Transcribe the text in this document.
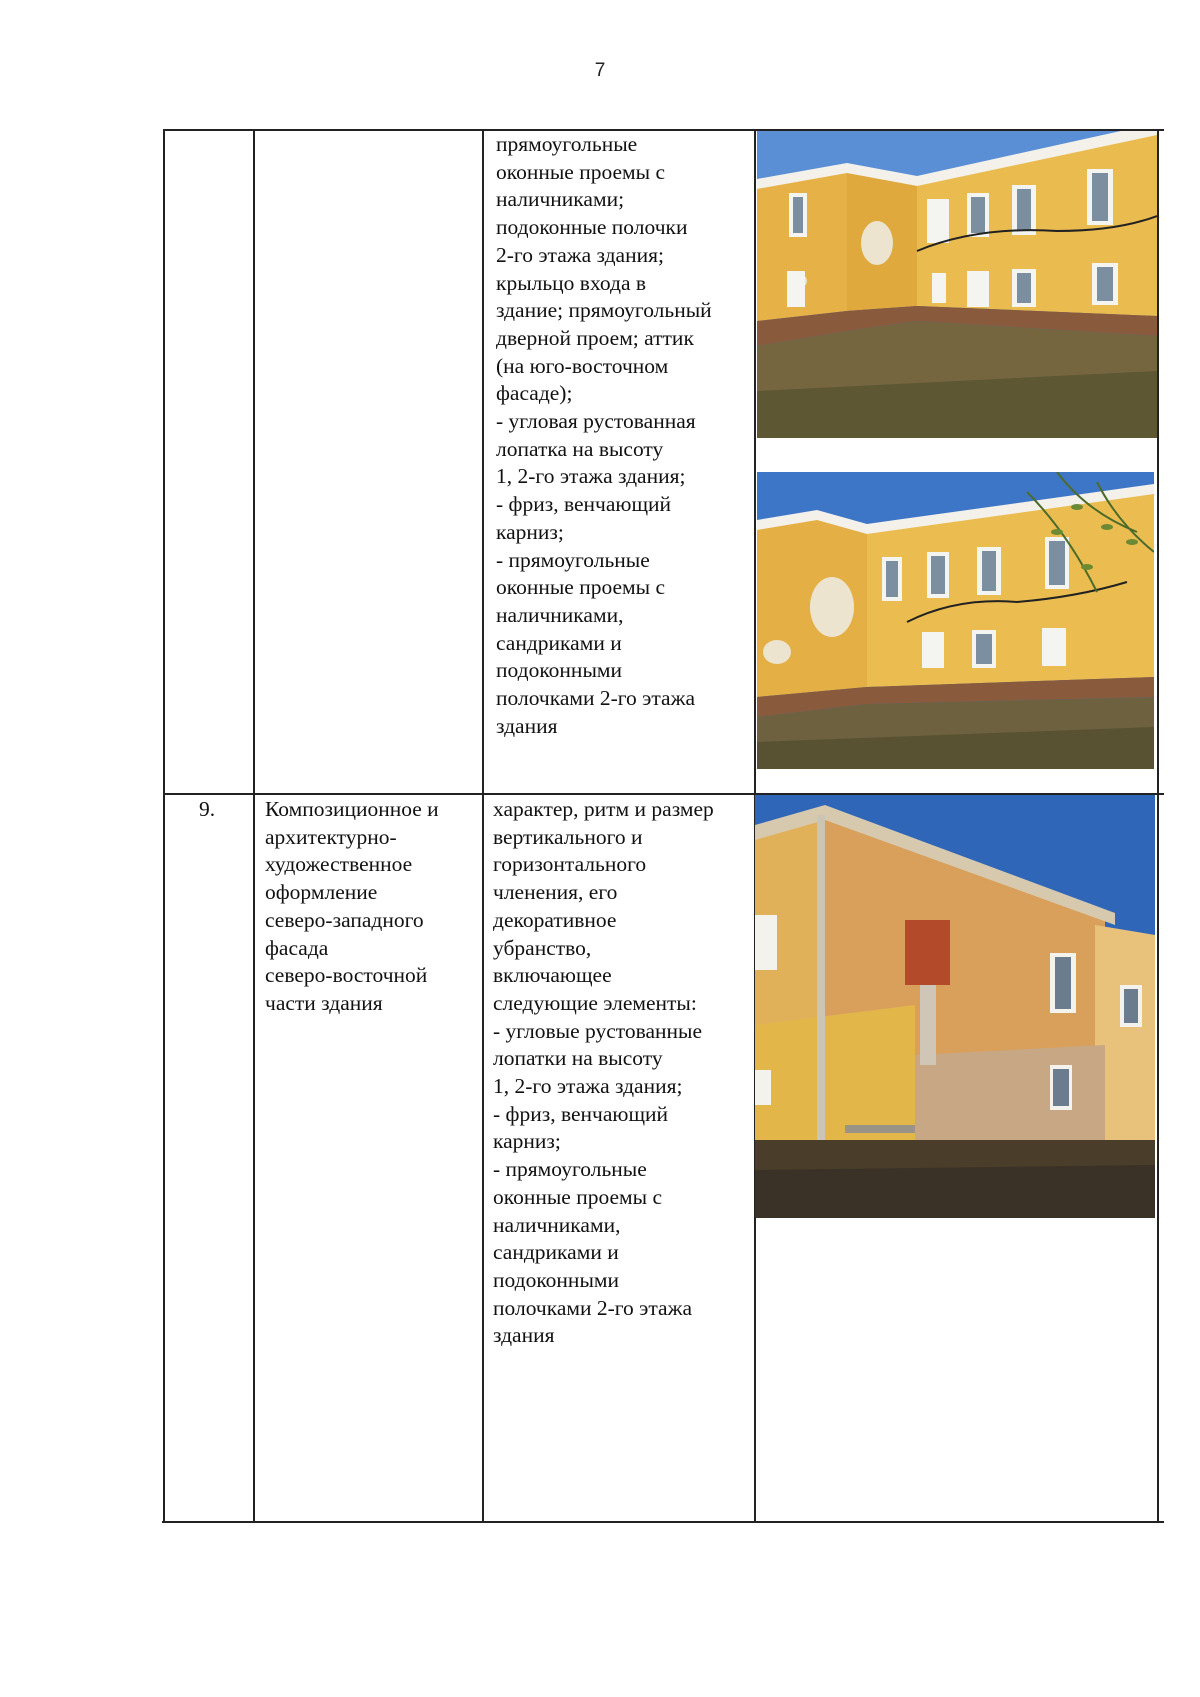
7
прямоугольные
оконные проемы с
наличниками;
подоконные полочки
2-го этажа здания;
крыльцо входа в
здание; прямоугольный
дверной проем; аттик
(на юго-восточном
фасаде);
- угловая рустованная
лопатка на высоту
1, 2-го этажа здания;
- фриз, венчающий
карниз;
- прямоугольные
оконные проемы с
наличниками,
сандриками и
подоконными
полочками 2-го этажа
здания
9. Композиционное и
архитектурно-
художественное
оформление
северо-западного
фасада
северо-восточной
части здания
характер, ритм и размер
вертикального и
горизонтального
членения, его
декоративное
убранство,
включающее
следующие элементы:
- угловые рустованные
лопатки на высоту
1, 2-го этажа здания;
- фриз, венчающий
карниз;
- прямоугольные
оконные проемы с
наличниками,
сандриками и
подоконными
полочками 2-го этажа
здания
